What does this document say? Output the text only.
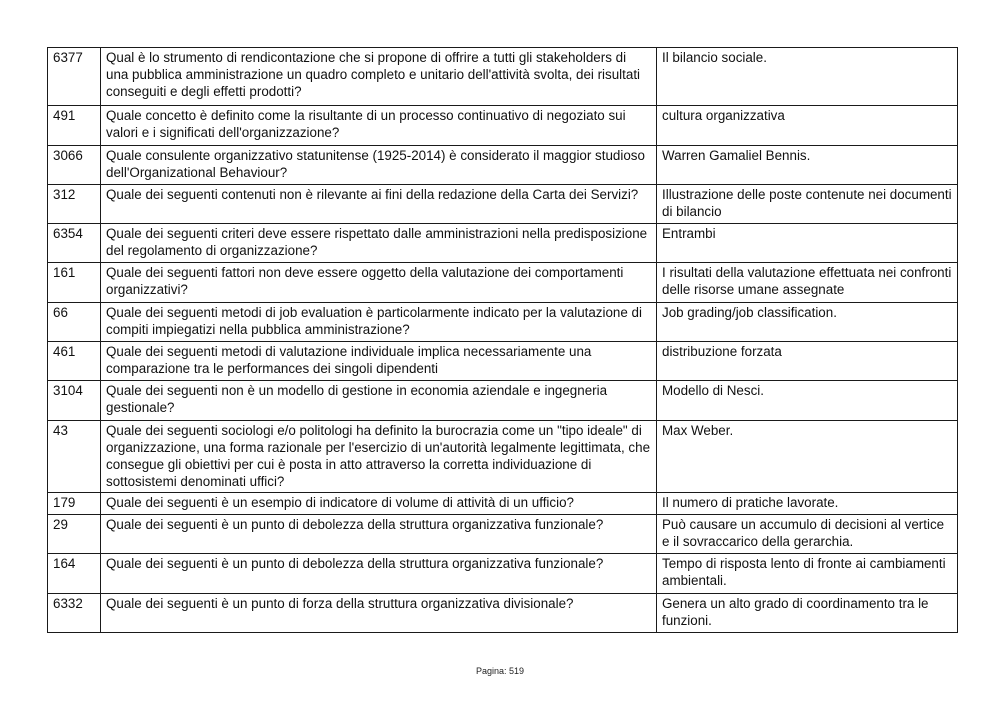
6377	Qual è lo strumento di rendicontazione che si propone di offrire a tutti gli stakeholders di una pubblica amministrazione un quadro completo e unitario dell'attività svolta, dei risultati conseguiti e degli effetti prodotti?	Il bilancio sociale.
491	Quale concetto è definito come la risultante di un processo continuativo di negoziato sui valori e i significati dell'organizzazione?	cultura organizzativa
3066	Quale consulente organizzativo statunitense (1925-2014) è considerato il maggior studioso dell'Organizational Behaviour?	Warren Gamaliel Bennis.
312	Quale dei seguenti contenuti non è rilevante ai fini della redazione della Carta dei Servizi?	Illustrazione delle poste contenute nei documenti di bilancio
6354	Quale dei seguenti criteri deve essere rispettato dalle amministrazioni nella predisposizione del regolamento di organizzazione?	Entrambi
161	Quale dei seguenti fattori non deve essere oggetto della valutazione dei comportamenti organizzativi?	I risultati della valutazione effettuata nei confronti delle risorse umane assegnate
66	Quale dei seguenti metodi di job evaluation è particolarmente indicato per la valutazione di compiti impiegatizi nella pubblica amministrazione?	Job grading/job classification.
461	Quale dei seguenti metodi di valutazione individuale implica necessariamente una comparazione tra le performances dei singoli dipendenti	distribuzione forzata
3104	Quale dei seguenti non è un modello di gestione in economia aziendale e ingegneria gestionale?	Modello di Nesci.
43	Quale dei seguenti sociologi e/o politologi ha definito la burocrazia come un "tipo ideale" di organizzazione, una forma razionale per l'esercizio di un'autorità legalmente legittimata, che consegue gli obiettivi per cui è posta in atto attraverso la corretta individuazione di sottosistemi denominati uffici?	Max Weber.
179	Quale dei seguenti è un esempio di indicatore di volume di attività di un ufficio?	Il numero di pratiche lavorate.
29	Quale dei seguenti è un punto di debolezza della struttura organizzativa funzionale?	Può causare un accumulo di decisioni al vertice e il sovraccarico della gerarchia.
164	Quale dei seguenti è un punto di debolezza della struttura organizzativa funzionale?	Tempo di risposta lento di fronte ai cambiamenti ambientali.
6332	Quale dei seguenti è un punto di forza della struttura organizzativa divisionale?	Genera un alto grado di coordinamento tra le funzioni.
Pagina: 519
